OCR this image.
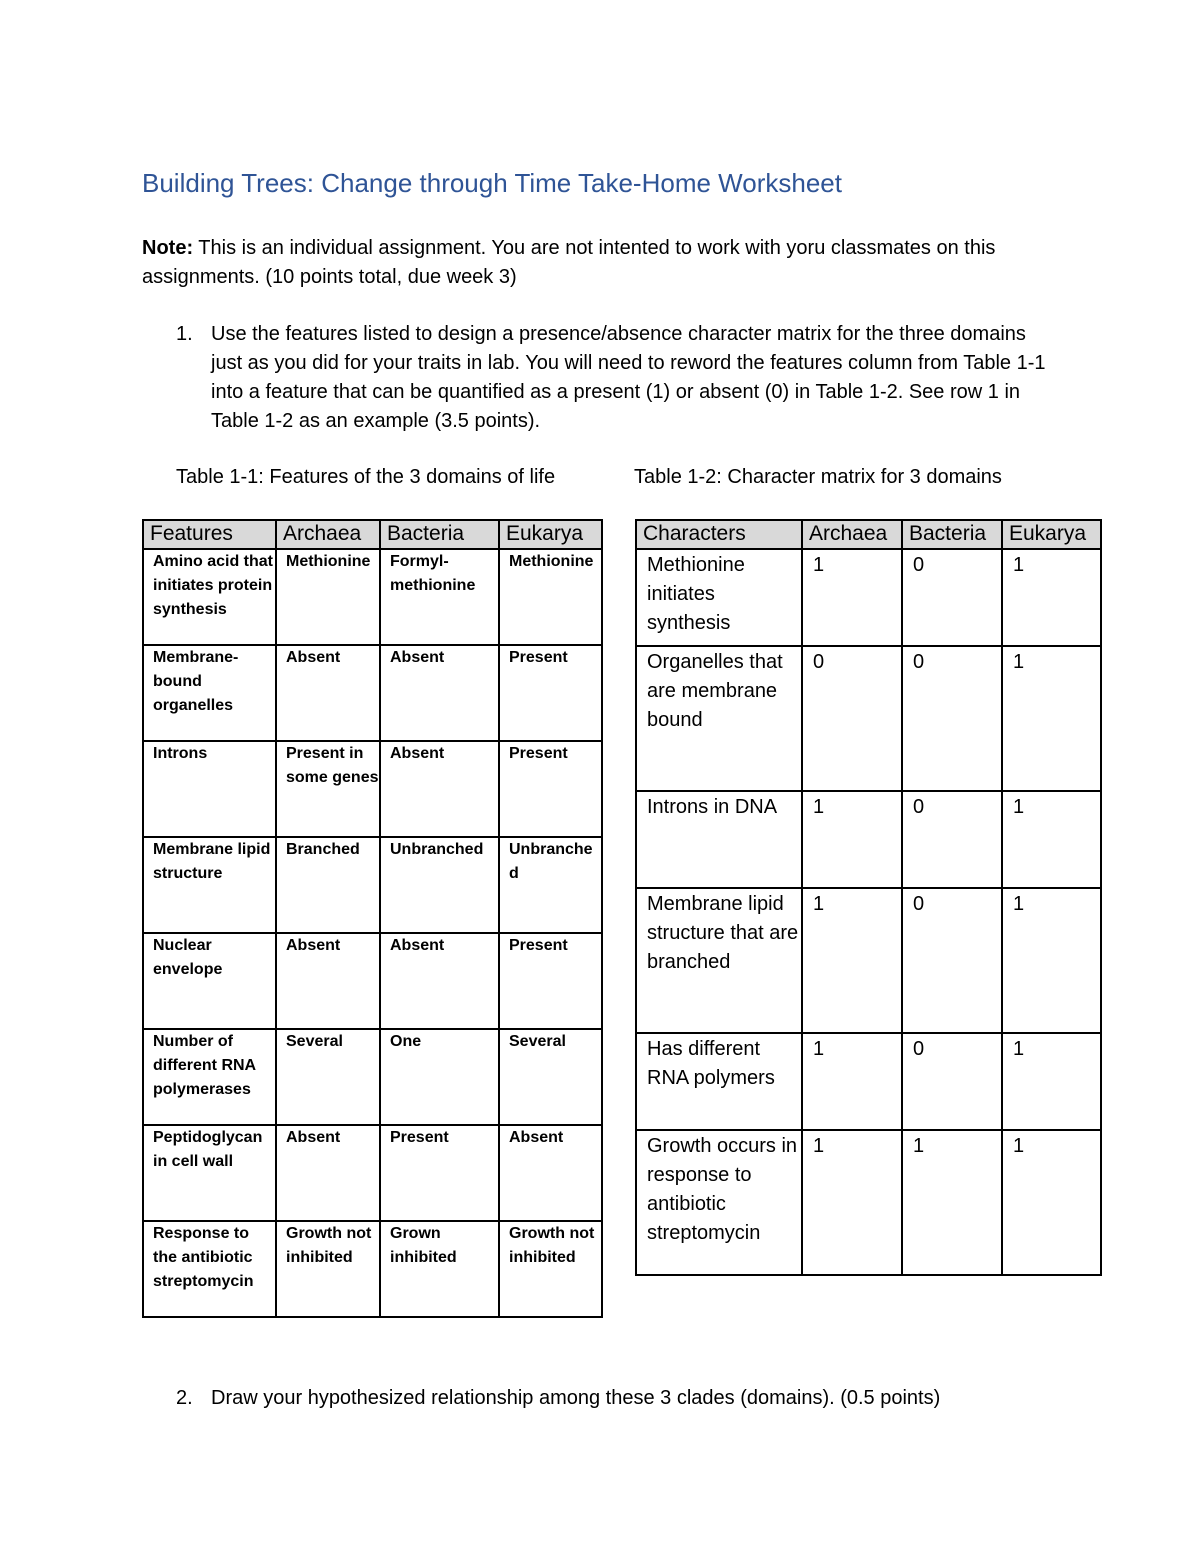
Building Trees: Change through Time Take-Home Worksheet
Note: This is an individual assignment. You are not intented to work with yoru classmates on this assignments. (10 points total, due week 3)
1. Use the features listed to design a presence/absence character matrix for the three domains just as you did for your traits in lab. You will need to reword the features column from Table 1-1 into a feature that can be quantified as a present (1) or absent (0) in Table 1-2. See row 1 in Table 1-2 as an example (3.5 points).
Table 1-1: Features of the 3 domains of life	Table 1-2: Character matrix for 3 domains
Features	Archaea	Bacteria	Eukarya
Amino acid that initiates protein synthesis	Methionine	Formyl-methionine	Methionine
Membrane-bound organelles	Absent	Absent	Present
Introns	Present in some genes	Absent	Present
Membrane lipid structure	Branched	Unbranched	Unbranched
Nuclear envelope	Absent	Absent	Present
Number of different RNA polymerases	Several	One	Several
Peptidoglycan in cell wall	Absent	Present	Absent
Response to the antibiotic streptomycin	Growth not inhibited	Grown inhibited	Growth not inhibited
Characters	Archaea	Bacteria	Eukarya
Methionine initiates synthesis	1	0	1
Organelles that are membrane bound	0	0	1
Introns in DNA	1	0	1
Membrane lipid structure that are branched	1	0	1
Has different RNA polymers	1	0	1
Growth occurs in response to antibiotic streptomycin	1	1	1
2. Draw your hypothesized relationship among these 3 clades (domains). (0.5 points)
